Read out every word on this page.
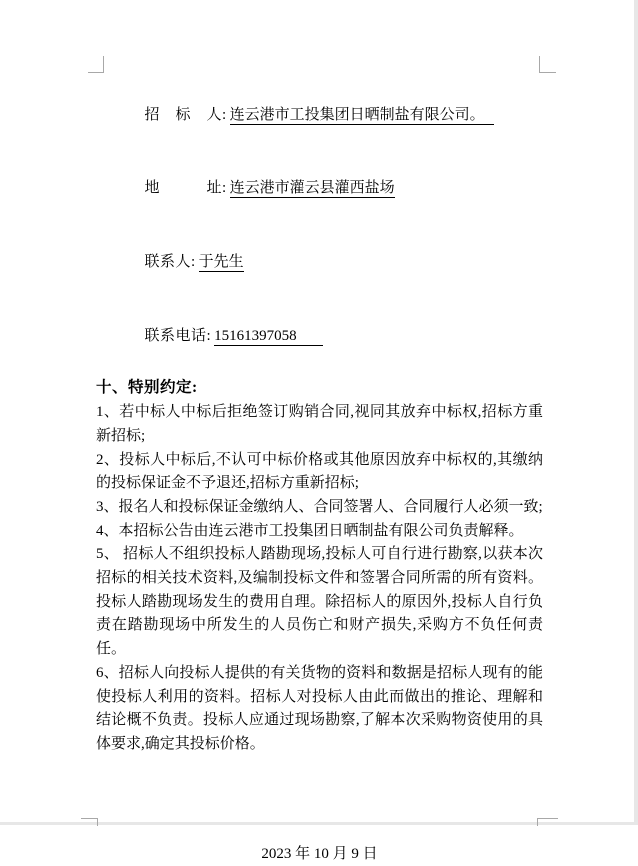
招　标　人: 连云港市工投集团日晒制盐有限公司。

地　　　址: 连云港市灌云县灌西盐场

联系人: 于先生

联系电话: 15161397058

十、特别约定:

1、若中标人中标后拒绝签订购销合同,视同其放弃中标权,招标方重新招标;

2、投标人中标后,不认可中标价格或其他原因放弃中标权的,其缴纳的投标保证金不予退还,招标方重新招标;

3、报名人和投标保证金缴纳人、合同签署人、合同履行人必须一致;

4、本招标公告由连云港市工投集团日晒制盐有限公司负责解释。

5、 招标人不组织投标人踏勘现场,投标人可自行进行勘察,以获本次招标的相关技术资料,及编制投标文件和签署合同所需的所有资料。投标人踏勘现场发生的费用自理。除招标人的原因外,投标人自行负责在踏勘现场中所发生的人员伤亡和财产损失,采购方不负任何责任。

6、招标人向投标人提供的有关货物的资料和数据是招标人现有的能使投标人利用的资料。招标人对投标人由此而做出的推论、理解和结论概不负责。投标人应通过现场勘察,了解本次采购物资使用的具体要求,确定其投标价格。

2023 年 10 月 9 日
